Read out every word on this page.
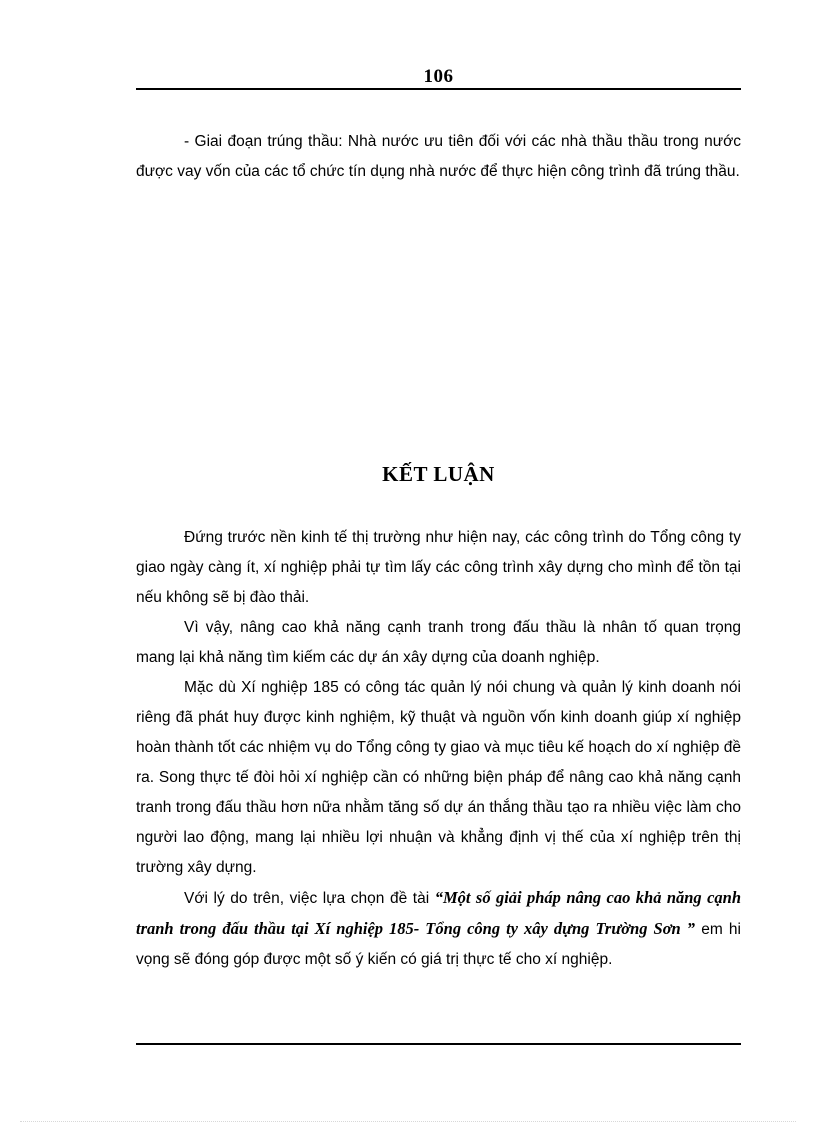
106

- Giai đoạn trúng thầu: Nhà nước ưu tiên đối với các nhà thầu thầu trong nước được vay vốn của các tổ chức tín dụng nhà nước để thực hiện công trình đã trúng thầu.

KẾT LUẬN

Đứng trước nền kinh tế thị trường như hiện nay, các công trình do Tổng công ty giao ngày càng ít, xí nghiệp phải tự tìm lấy các công trình xây dựng cho mình để tồn tại nếu không sẽ bị đào thải.

Vì vậy, nâng cao khả năng cạnh tranh trong đấu thầu là nhân tố quan trọng mang lại khả năng tìm kiếm các dự án xây dựng của doanh nghiệp.

Mặc dù Xí nghiệp 185 có công tác quản lý nói chung và quản lý kinh doanh nói riêng đã phát huy được kinh nghiệm, kỹ thuật và nguồn vốn kinh doanh giúp xí nghiệp hoàn thành tốt các nhiệm vụ do Tổng công ty giao và mục tiêu kế hoạch do xí nghiệp đề ra. Song thực tế đòi hỏi xí nghiệp cần có những biện pháp để nâng cao khả năng cạnh tranh trong đấu thầu hơn nữa nhằm tăng số dự án thắng thầu tạo ra nhiều việc làm cho người lao động, mang lại nhiều lợi nhuận và khẳng định vị thế của xí nghiệp trên thị trường xây dựng.

Với lý do trên, việc lựa chọn đề tài “Một số giải pháp nâng cao khả năng cạnh tranh trong đấu thầu tại Xí nghiệp 185- Tổng công ty xây dựng Trường Sơn ” em hi vọng sẽ đóng góp được một số ý kiến có giá trị thực tế cho xí nghiệp.
